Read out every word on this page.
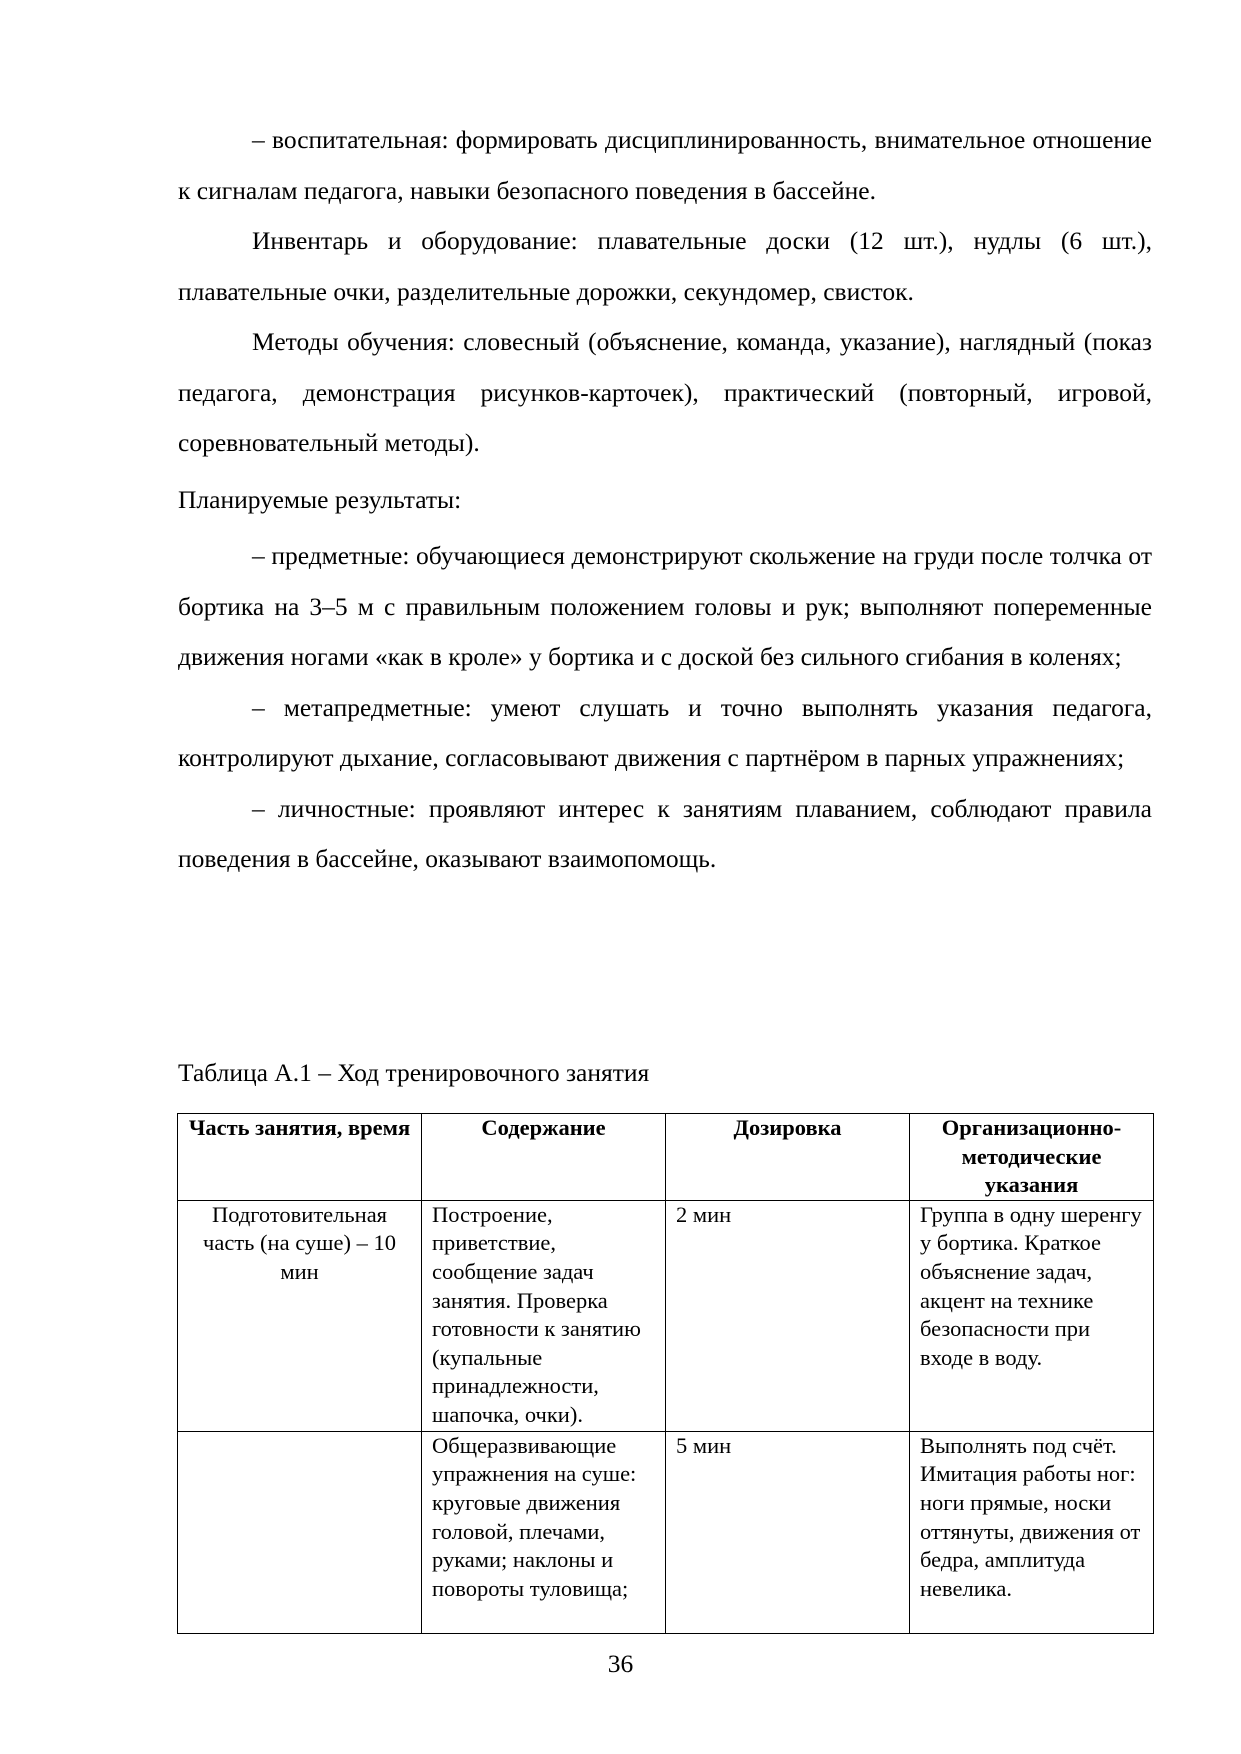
– воспитательная: формировать дисциплинированность, внимательное отношение к сигналам педагога, навыки безопасного поведения в бассейне.

Инвентарь и оборудование: плавательные доски (12 шт.), нудлы (6 шт.), плавательные очки, разделительные дорожки, секундомер, свисток.

Методы обучения: словесный (объяснение, команда, указание), наглядный (показ педагога, демонстрация рисунков-карточек), практический (повторный, игровой, соревновательный методы).

Планируемые результаты:

– предметные: обучающиеся демонстрируют скольжение на груди после толчка от бортика на 3–5 м с правильным положением головы и рук; выполняют попеременные движения ногами «как в кроле» у бортика и с доской без сильного сгибания в коленях;

– метапредметные: умеют слушать и точно выполнять указания педагога, контролируют дыхание, согласовывают движения с партнёром в парных упражнениях;

– личностные: проявляют интерес к занятиям плаванием, соблюдают правила поведения в бассейне, оказывают взаимопомощь.

Таблица А.1 – Ход тренировочного занятия
Часть занятия, время	Содержание	Дозировка	Организационно-методические указания
Подготовительная часть (на суше) – 10 мин	Построение, приветствие, сообщение задач занятия. Проверка готовности к занятию (купальные принадлежности, шапочка, очки).	2 мин	Группа в одну шеренгу у бортика. Краткое объяснение задач, акцент на технике безопасности при входе в воду.
	Общеразвивающие упражнения на суше: круговые движения головой, плечами, руками; наклоны и повороты туловища;	5 мин	Выполнять под счёт. Имитация работы ног: ноги прямые, носки оттянуты, движения от бедра, амплитуда невелика.
36
